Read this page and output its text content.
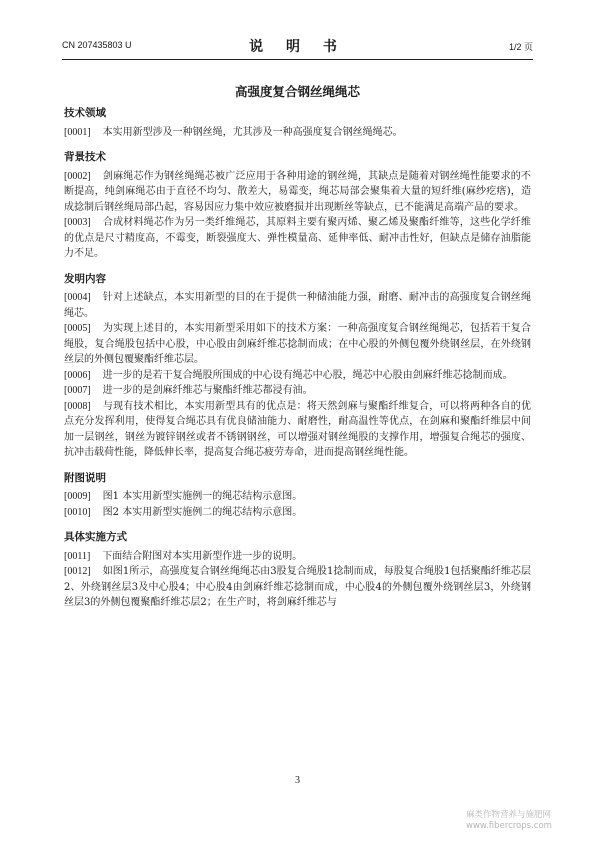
CN 207435803 U	说 明 书	1/2 页
高强度复合钢丝绳绳芯
技术领域

[0001] 本实用新型涉及一种钢丝绳，尤其涉及一种高强度复合钢丝绳绳芯。

背景技术

[0002] 剑麻绳芯作为钢丝绳绳芯被广泛应用于各种用途的钢丝绳，其缺点是随着对钢丝绳性能要求的不断提高，纯剑麻绳芯由于直径不均匀、散差大，易霉变，绳芯局部会聚集着大量的短纤维(麻纱疙瘩)，造成捻制后钢丝绳局部凸起，容易因应力集中效应被磨损并出现断丝等缺点，已不能满足高端产品的要求。

[0003] 合成材料绳芯作为另一类纤维绳芯，其原料主要有聚丙烯、聚乙烯及聚酯纤维等，这些化学纤维的优点是尺寸精度高，不霉变，断裂强度大、弹性模量高、延伸率低、耐冲击性好，但缺点是储存油脂能力不足。

发明内容

[0004] 针对上述缺点，本实用新型的目的在于提供一种储油能力强，耐磨、耐冲击的高强度复合钢丝绳绳芯。

[0005] 为实现上述目的，本实用新型采用如下的技术方案：一种高强度复合钢丝绳绳芯，包括若干复合绳股，复合绳股包括中心股，中心股由剑麻纤维芯捻制而成；在中心股的外侧包覆外绕钢丝层，在外绕钢丝层的外侧包覆聚酯纤维芯层。

[0006] 进一步的是若干复合绳股所围成的中心设有绳芯中心股，绳芯中心股由剑麻纤维芯捻制而成。

[0007] 进一步的是剑麻纤维芯与聚酯纤维芯都浸有油。

[0008] 与现有技术相比，本实用新型具有的优点是：将天然剑麻与聚酯纤维复合，可以将两种各自的优点充分发挥利用，使得复合绳芯具有优良储油能力、耐磨性，耐高温性等优点，在剑麻和聚酯纤维层中间加一层钢丝，钢丝为镀锌钢丝或者不锈钢钢丝，可以增强对钢丝绳股的支撑作用，增强复合绳芯的强度、抗冲击载荷性能，降低伸长率，提高复合绳芯疲劳寿命，进而提高钢丝绳性能。

附图说明

[0009] 图1 本实用新型实施例一的绳芯结构示意图。

[0010] 图2 本实用新型实施例二的绳芯结构示意图。

具体实施方式

[0011] 下面结合附图对本实用新型作进一步的说明。

[0012] 如图1所示，高强度复合钢丝绳绳芯由3股复合绳股1捻制而成，每股复合绳股1包括聚酯纤维芯层2、外绕钢丝层3及中心股4；中心股4由剑麻纤维芯捻制而成，中心股4的外侧包覆外绕钢丝层3，外绕钢丝层3的外侧包覆聚酯纤维芯层2；在生产时，将剑麻纤维芯与

3
麻类作物营养与施肥网
www.fibercrops.com
